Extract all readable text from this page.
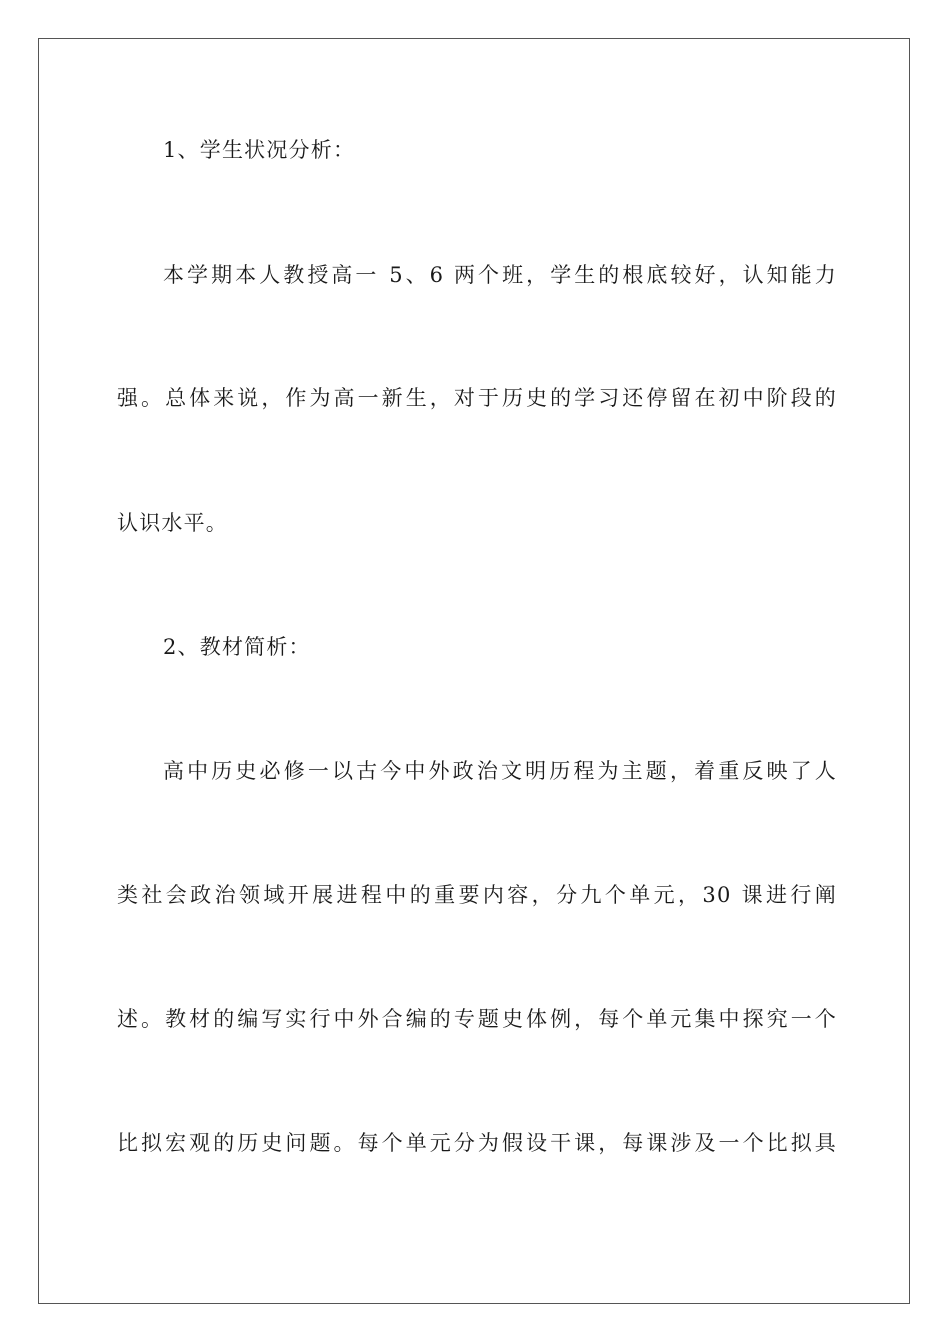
1、学生状况分析：
本学期本人教授高一 5、6 两个班，学生的根底较好，认知能力
强。总体来说，作为高一新生，对于历史的学习还停留在初中阶段的
认识水平。
2、教材简析：
高中历史必修一以古今中外政治文明历程为主题，着重反映了人
类社会政治领域开展进程中的重要内容，分九个单元，30 课进行阐
述。教材的编写实行中外合编的专题史体例，每个单元集中探究一个
比拟宏观的历史问题。每个单元分为假设干课，每课涉及一个比拟具
